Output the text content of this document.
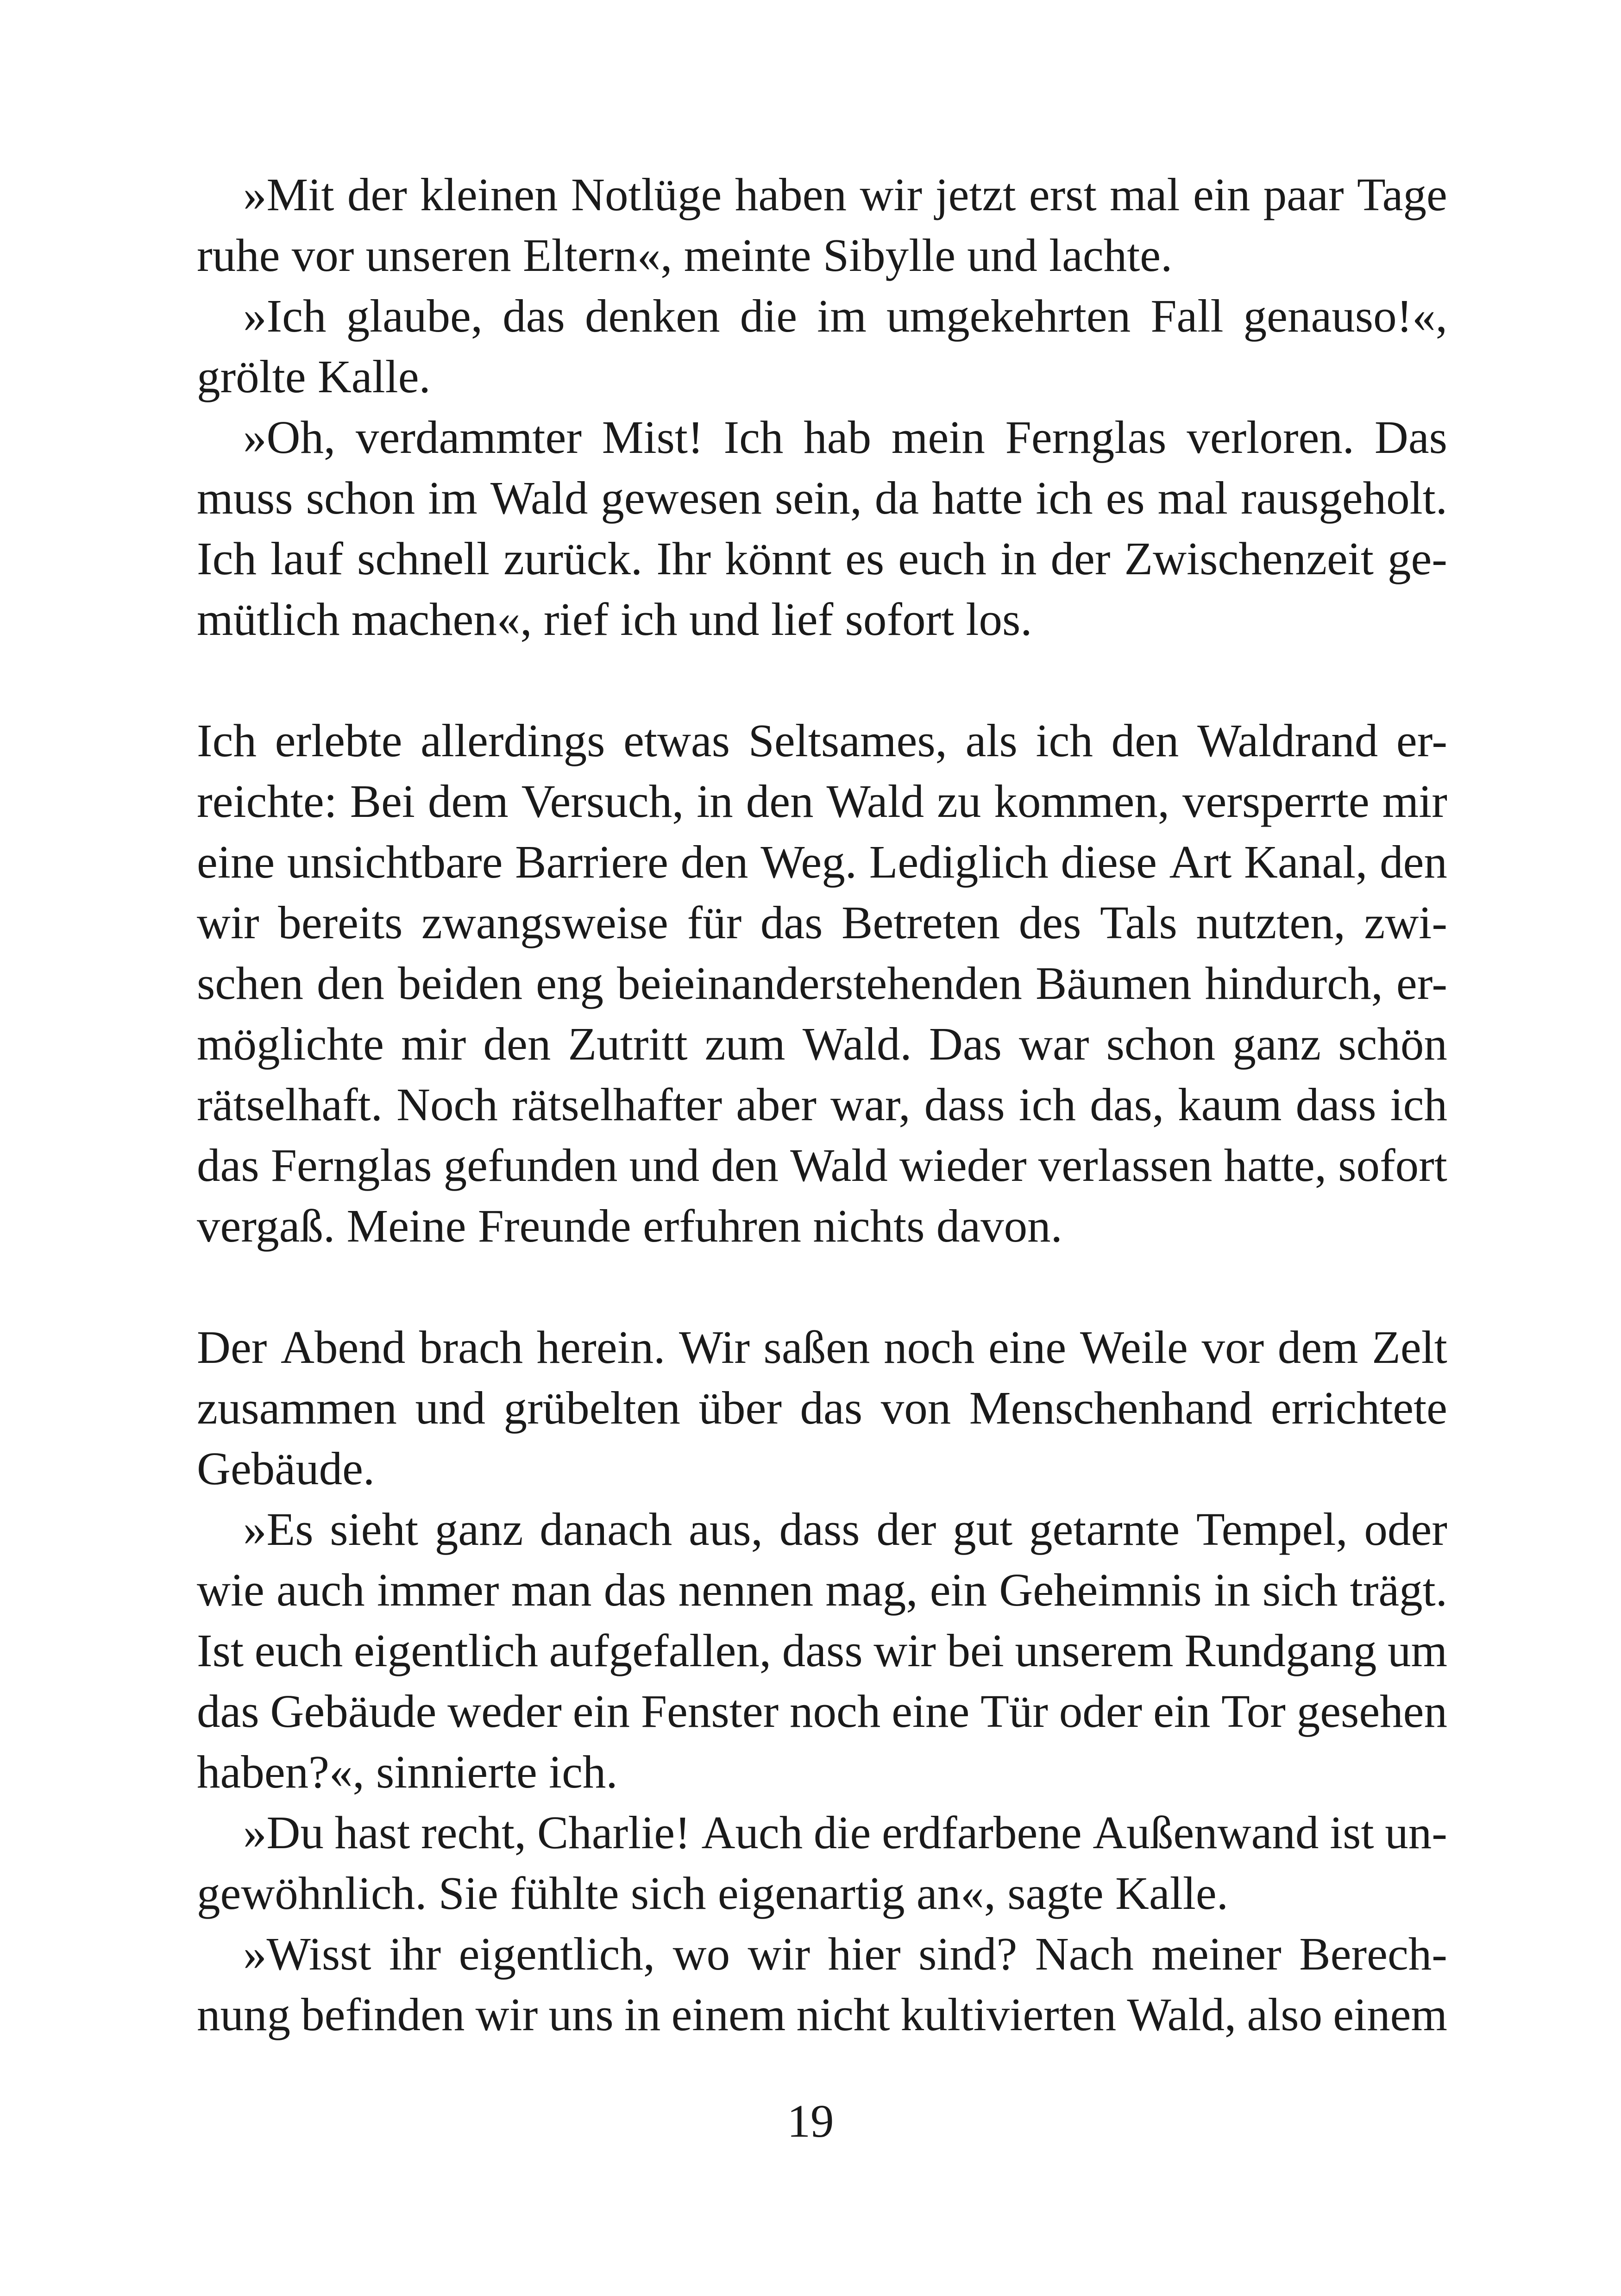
»Mit der kleinen Notlüge haben wir jetzt erst mal ein paar Tage
ruhe vor unseren Eltern«, meinte Sibylle und lachte.
»Ich glaube, das denken die im umgekehrten Fall genauso!«,
grölte Kalle.
»Oh, verdammter Mist! Ich hab mein Fernglas verloren. Das
muss schon im Wald gewesen sein, da hatte ich es mal rausgeholt.
Ich lauf schnell zurück. Ihr könnt es euch in der Zwischenzeit ge-
mütlich machen«, rief ich und lief sofort los.
Ich erlebte allerdings etwas Seltsames, als ich den Waldrand er-
reichte: Bei dem Versuch, in den Wald zu kommen, versperrte mir
eine unsichtbare Barriere den Weg. Lediglich diese Art Kanal, den
wir bereits zwangsweise für das Betreten des Tals nutzten, zwi-
schen den beiden eng beieinanderstehenden Bäumen hindurch, er-
möglichte mir den Zutritt zum Wald. Das war schon ganz schön
rätselhaft. Noch rätselhafter aber war, dass ich das, kaum dass ich
das Fernglas gefunden und den Wald wieder verlassen hatte, sofort
vergaß. Meine Freunde erfuhren nichts davon.
Der Abend brach herein. Wir saßen noch eine Weile vor dem Zelt
zusammen und grübelten über das von Menschenhand errichtete
Gebäude.
»Es sieht ganz danach aus, dass der gut getarnte Tempel, oder
wie auch immer man das nennen mag, ein Geheimnis in sich trägt.
Ist euch eigentlich aufgefallen, dass wir bei unserem Rundgang um
das Gebäude weder ein Fenster noch eine Tür oder ein Tor gesehen
haben?«, sinnierte ich.
»Du hast recht, Charlie! Auch die erdfarbene Außenwand ist un-
gewöhnlich. Sie fühlte sich eigenartig an«, sagte Kalle.
»Wisst ihr eigentlich, wo wir hier sind? Nach meiner Berech-
nung befinden wir uns in einem nicht kultivierten Wald, also einem
19
